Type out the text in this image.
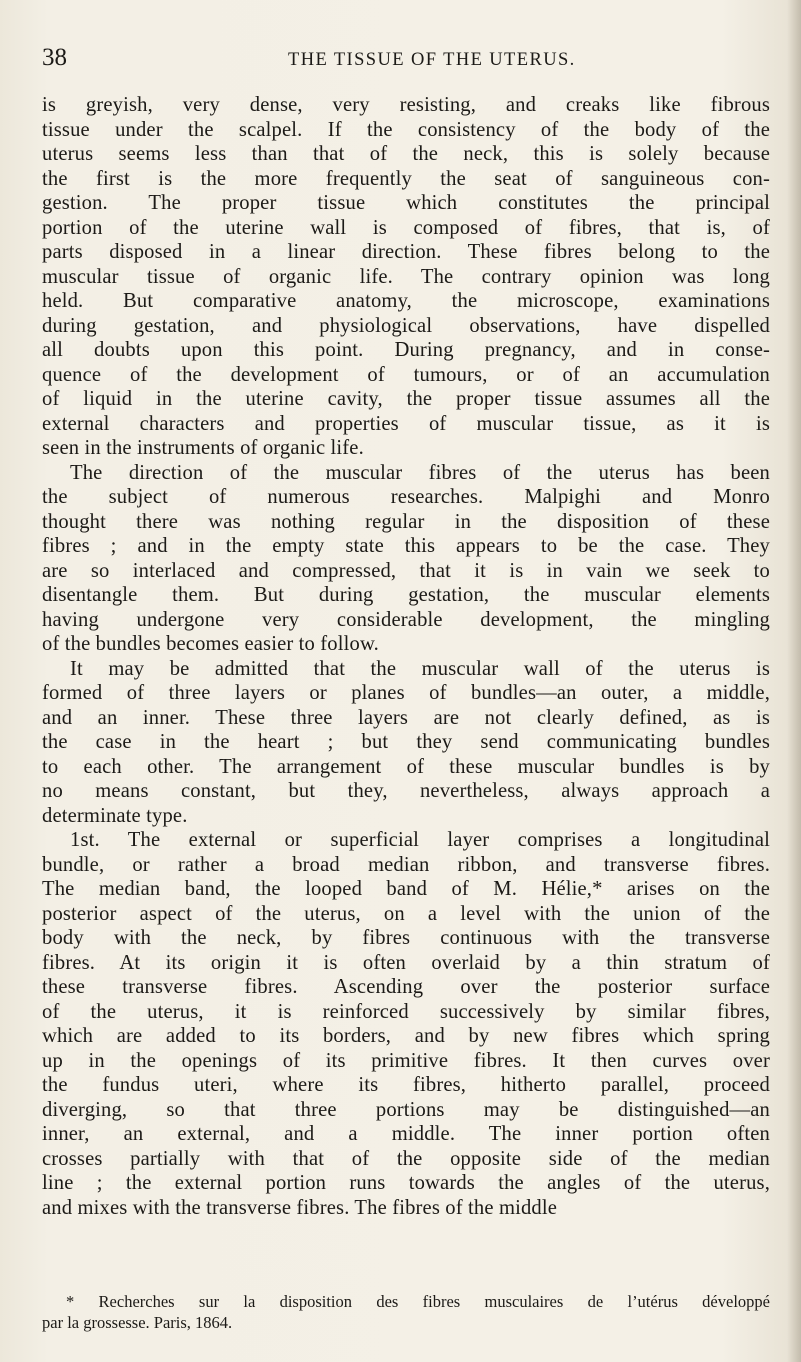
38	THE TISSUE OF THE UTERUS.
is greyish, very dense, very resisting, and creaks like fibrous
tissue under the scalpel. If the consistency of the body of the
uterus seems less than that of the neck, this is solely because
the first is the more frequently the seat of sanguineous con-
gestion. The proper tissue which constitutes the principal
portion of the uterine wall is composed of fibres, that is, of
parts disposed in a linear direction. These fibres belong to the
muscular tissue of organic life. The contrary opinion was long
held. But comparative anatomy, the microscope, examinations
during gestation, and physiological observations, have dispelled
all doubts upon this point. During pregnancy, and in conse-
quence of the development of tumours, or of an accumulation
of liquid in the uterine cavity, the proper tissue assumes all the
external characters and properties of muscular tissue, as it is
seen in the instruments of organic life.
The direction of the muscular fibres of the uterus has been
the subject of numerous researches. Malpighi and Monro
thought there was nothing regular in the disposition of these
fibres ; and in the empty state this appears to be the case. They
are so interlaced and compressed, that it is in vain we seek to
disentangle them. But during gestation, the muscular elements
having undergone very considerable development, the mingling
of the bundles becomes easier to follow.
It may be admitted that the muscular wall of the uterus is
formed of three layers or planes of bundles—an outer, a middle,
and an inner. These three layers are not clearly defined, as is
the case in the heart ; but they send communicating bundles
to each other. The arrangement of these muscular bundles is by
no means constant, but they, nevertheless, always approach a
determinate type.
1st. The external or superficial layer comprises a longitudinal
bundle, or rather a broad median ribbon, and transverse fibres.
The median band, the looped band of M. Hélie,* arises on the
posterior aspect of the uterus, on a level with the union of the
body with the neck, by fibres continuous with the transverse
fibres. At its origin it is often overlaid by a thin stratum of
these transverse fibres. Ascending over the posterior surface
of the uterus, it is reinforced successively by similar fibres,
which are added to its borders, and by new fibres which spring
up in the openings of its primitive fibres. It then curves over
the fundus uteri, where its fibres, hitherto parallel, proceed
diverging, so that three portions may be distinguished—an
inner, an external, and a middle. The inner portion often
crosses partially with that of the opposite side of the median
line ; the external portion runs towards the angles of the uterus,
and mixes with the transverse fibres. The fibres of the middle
* Recherches sur la disposition des fibres musculaires de l’utérus développé
par la grossesse. Paris, 1864.
